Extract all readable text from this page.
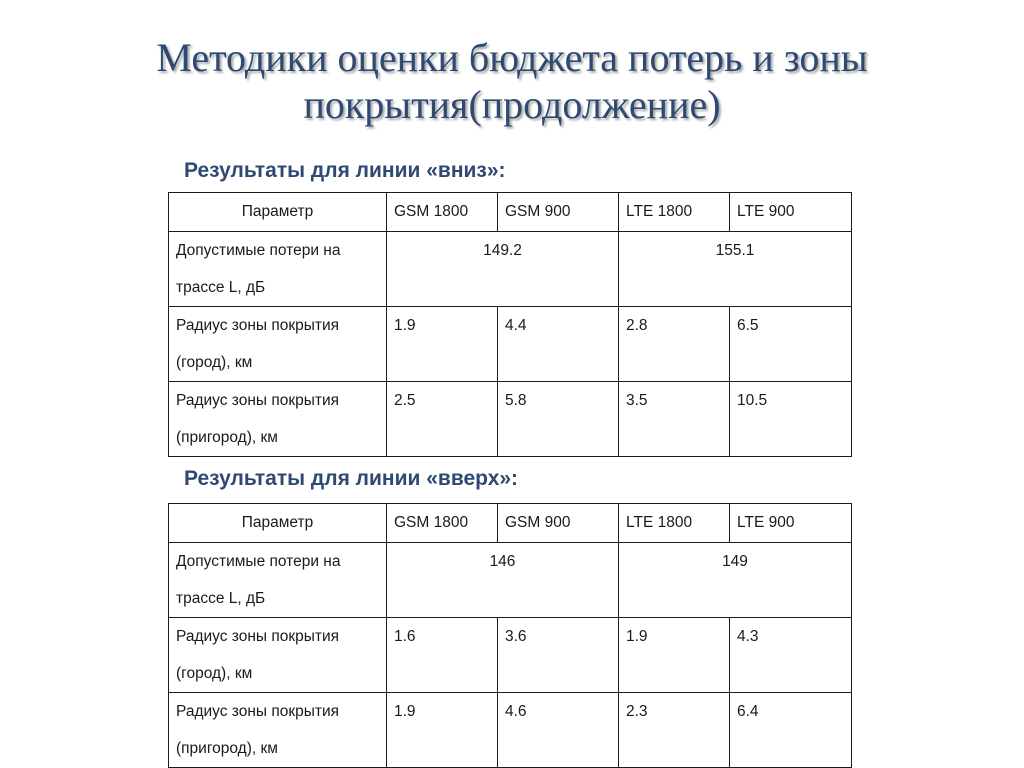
Методики оценки бюджета потерь и зоны покрытия(продолжение)
Результаты для линии «вниз»:
Параметр	GSM 1800	GSM 900	LTE 1800	LTE 900
Допустимые потери на трассе L, дБ	149.2		155.1	
Радиус зоны покрытия (город), км	1.9	4.4	2.8	6.5
Радиус зоны покрытия (пригород), км	2.5	5.8	3.5	10.5
Результаты для линии «вверх»:
Параметр	GSM 1800	GSM 900	LTE 1800	LTE 900
Допустимые потери на трассе L, дБ	146		149	
Радиус зоны покрытия (город), км	1.6	3.6	1.9	4.3
Радиус зоны покрытия (пригород), км	1.9	4.6	2.3	6.4
